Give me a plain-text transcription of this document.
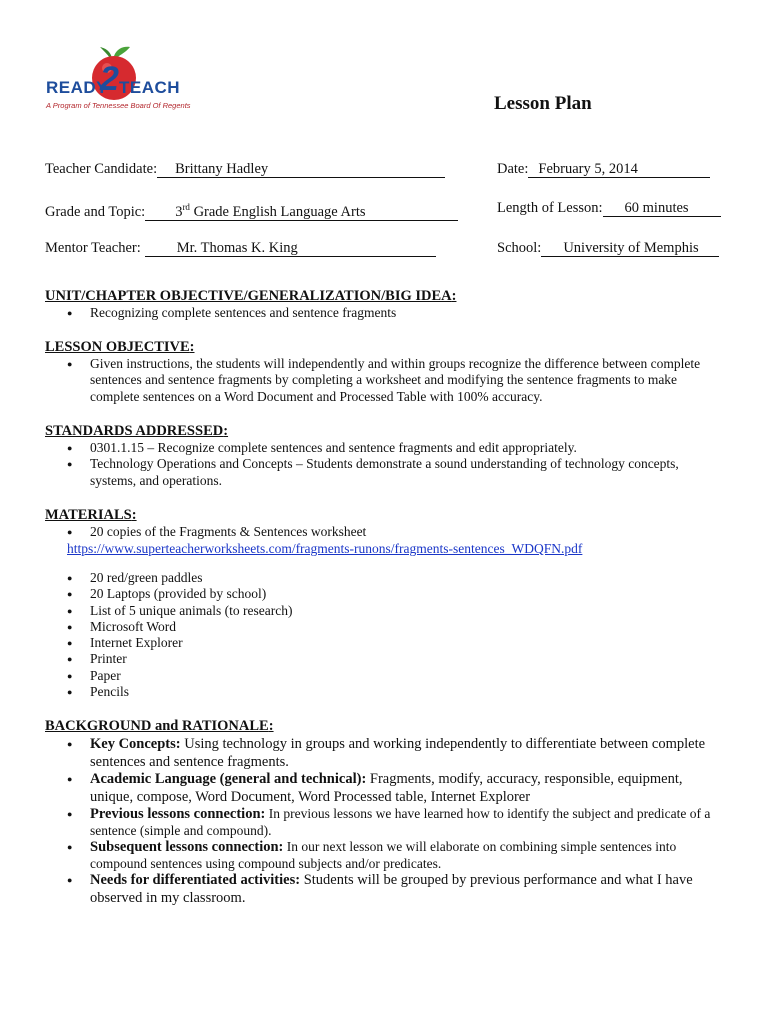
READY
2 TEACH
A Program of Tennessee Board Of Regents	Lesson Plan
Teacher Candidate: Brittany Hadley	Date: February 5, 2014
Grade and Topic: 3rd Grade English Language Arts	Length of Lesson: 60 minutes
Mentor Teacher: Mr. Thomas K. King	School: University of Memphis
UNIT/CHAPTER OBJECTIVE/GENERALIZATION/BIG IDEA:
● Recognizing complete sentences and sentence fragments
LESSON OBJECTIVE:
● Given instructions, the students will independently and within groups recognize the difference between complete sentences and sentence fragments by completing a worksheet and modifying the sentence fragments to make complete sentences on a Word Document and Processed Table with 100% accuracy.
STANDARDS ADDRESSED:
● 0301.1.15 – Recognize complete sentences and sentence fragments and edit appropriately.
● Technology Operations and Concepts – Students demonstrate a sound understanding of technology concepts, systems, and operations.
MATERIALS:
● 20 copies of the Fragments & Sentences worksheet
https://www.superteacherworksheets.com/fragments-runons/fragments-sentences_WDQFN.pdf
● 20 red/green paddles
● 20 Laptops (provided by school)
● List of 5 unique animals (to research)
● Microsoft Word
● Internet Explorer
● Printer
● Paper
● Pencils
BACKGROUND and RATIONALE:
● Key Concepts: Using technology in groups and working independently to differentiate between complete sentences and sentence fragments.
● Academic Language (general and technical): Fragments, modify, accuracy, responsible, equipment, unique, compose, Word Document, Word Processed table, Internet Explorer
● Previous lessons connection: In previous lessons we have learned how to identify the subject and predicate of a sentence (simple and compound).
● Subsequent lessons connection: In our next lesson we will elaborate on combining simple sentences into compound sentences using compound subjects and/or predicates.
● Needs for differentiated activities: Students will be grouped by previous performance and what I have observed in my classroom.
